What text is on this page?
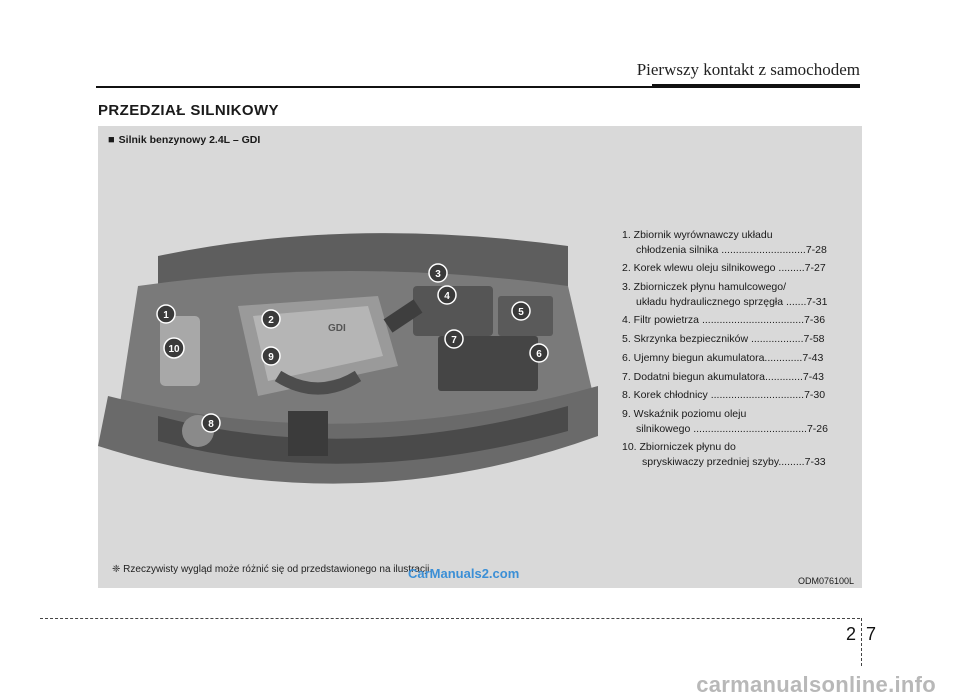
Pierwszy kontakt z samochodem
PRZEDZIAŁ SILNIKOWY
■ Silnik benzynowy 2.4L – GDI
GDI
1	2
3
4
5
6
7
8
9
10
1. Zbiornik wyrównawczy układu
chłodzenia silnika .............................7-28
2. Korek wlewu oleju silnikowego .........7-27
3. Zbiorniczek płynu hamulcowego/
układu hydraulicznego sprzęgła .......7-31
4. Filtr powietrza ...................................7-36
5. Skrzynka bezpieczników ..................7-58
6. Ujemny biegun akumulatora.............7-43
7. Dodatni biegun akumulatora.............7-43
8. Korek chłodnicy ................................7-30
9. Wskaźnik poziomu oleju
silnikowego .......................................7-26
10. Zbiorniczek płynu do
spryskiwaczy przedniej szyby.........7-33
❈ Rzeczywisty wygląd może różnić się od przedstawionego na ilustracji.
ODM076100L
CarManuals2.com
2 7
carmanualsonline.info
